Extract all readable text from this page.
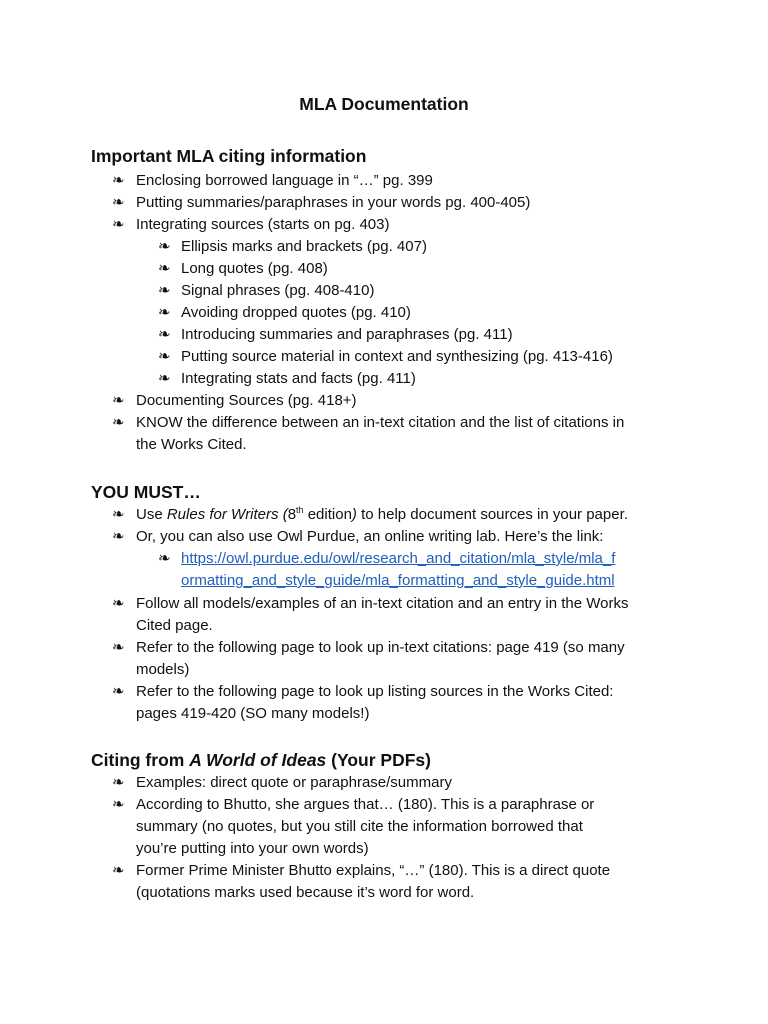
MLA Documentation
Important MLA citing information
❧ Enclosing borrowed language in “…” pg. 399
❧ Putting summaries/paraphrases in your words pg. 400-405)
❧ Integrating sources (starts on pg. 403)
❧ Ellipsis marks and brackets (pg. 407)
❧ Long quotes (pg. 408)
❧ Signal phrases (pg. 408-410)
❧ Avoiding dropped quotes (pg. 410)
❧ Introducing summaries and paraphrases (pg. 411)
❧ Putting source material in context and synthesizing (pg. 413-416)
❧ Integrating stats and facts (pg. 411)
❧ Documenting Sources (pg. 418+)
❧ KNOW the difference between an in-text citation and the list of citations in
the Works Cited.
YOU MUST…
❧ Use Rules for Writers (8th edition) to help document sources in your paper.
❧ Or, you can also use Owl Purdue, an online writing lab. Here’s the link:
❧ https://owl.purdue.edu/owl/research_and_citation/mla_style/mla_f
ormatting_and_style_guide/mla_formatting_and_style_guide.html
❧ Follow all models/examples of an in-text citation and an entry in the Works
Cited page.
❧ Refer to the following page to look up in-text citations: page 419 (so many
models)
❧ Refer to the following page to look up listing sources in the Works Cited:
pages 419-420 (SO many models!)
Citing from A World of Ideas (Your PDFs)
❧ Examples: direct quote or paraphrase/summary
❧ According to Bhutto, she argues that… (180). This is a paraphrase or
summary (no quotes, but you still cite the information borrowed that
you’re putting into your own words)
❧ Former Prime Minister Bhutto explains, “…” (180). This is a direct quote
(quotations marks used because it’s word for word.
